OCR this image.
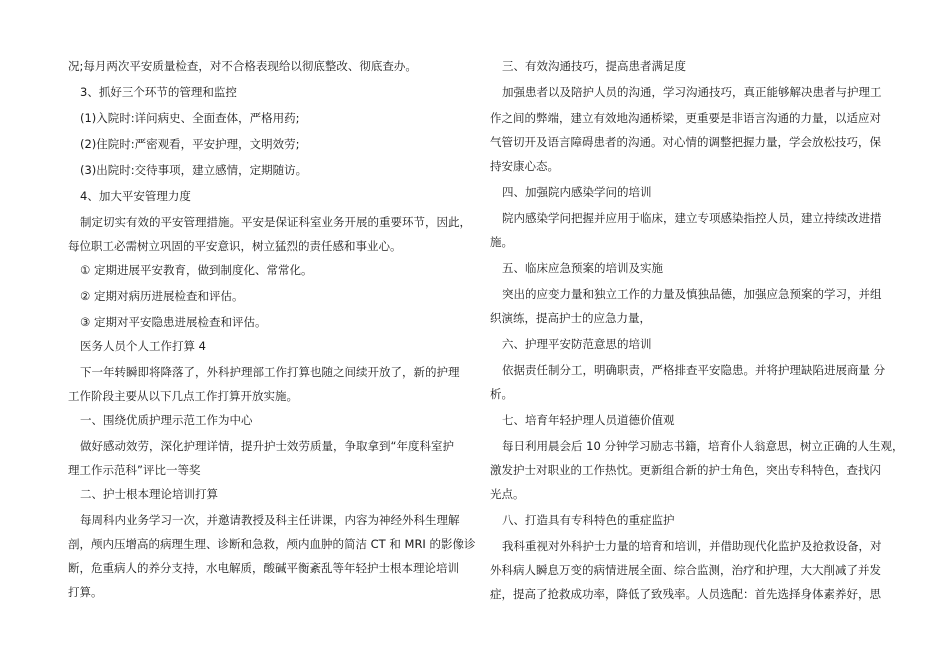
况;每月两次平安质量检查，对不合格表现给以彻底整改、彻底查办。
3、抓好三个环节的管理和监控
(1)入院时:详问病史、全面查体，严格用药;
(2)住院时:严密观看，平安护理，文明效劳;
(3)出院时:交待事项，建立感情，定期随访。
4、加大平安管理力度
制定切实有效的平安管理措施。平安是保证科室业务开展的重要环节，因此，
每位职工必需树立巩固的平安意识，树立猛烈的责任感和事业心。
① 定期进展平安教育，做到制度化、常常化。
② 定期对病历进展检查和评估。
③ 定期对平安隐患进展检查和评估。
医务人员个人工作打算 4
下一年转瞬即将降落了，外科护理部工作打算也随之间续开放了，新的护理
工作阶段主要从以下几点工作打算开放实施。
一、围绕优质护理示范工作为中心
做好感动效劳，深化护理详情，提升护士效劳质量，争取拿到“年度科室护
理工作示范科”评比一等奖
二、护士根本理论培训打算
每周科内业务学习一次，并邀请教授及科主任讲课，内容为神经外科生理解
剖，颅内压增高的病理生理、诊断和急救，颅内血肿的简洁 CT 和 MRI 的影像诊
断，危重病人的养分支持，水电解质，酸碱平衡紊乱等年轻护士根本理论培训
打算。
三、有效沟通技巧，提高患者满足度
加强患者以及陪护人员的沟通，学习沟通技巧，真正能够解决患者与护理工
作之间的弊端，建立有效地沟通桥梁，更重要是非语言沟通的力量，以适应对
气管切开及语言障碍患者的沟通。对心情的调整把握力量，学会放松技巧，保
持安康心态。
四、加强院内感染学问的培训
院内感染学问把握并应用于临床，建立专项感染指控人员，建立持续改进措
施。
五、临床应急预案的培训及实施
突出的应变力量和独立工作的力量及慎独品德，加强应急预案的学习，并组
织演练，提高护士的应急力量，
六、护理平安防范意思的培训
依据责任制分工，明确职责，严格排查平安隐患。并将护理缺陷进展商量 分
析。
七、培育年轻护理人员道德价值观
每日利用晨会后 10 分钟学习励志书籍，培育仆人翁意思，树立正确的人生观，
激发护士对职业的工作热忱。更新组合新的护士角色，突出专科特色，查找闪
光点。
八、打造具有专科特色的重症监护
我科重视对外科护士力量的培育和培训，并借助现代化监护及抢救设备，对
外科病人瞬息万变的病情进展全面、综合监测，治疗和护理，大大削减了并发
症，提高了抢救成功率，降低了致残率。人员选配：首先选择身体素养好，思
